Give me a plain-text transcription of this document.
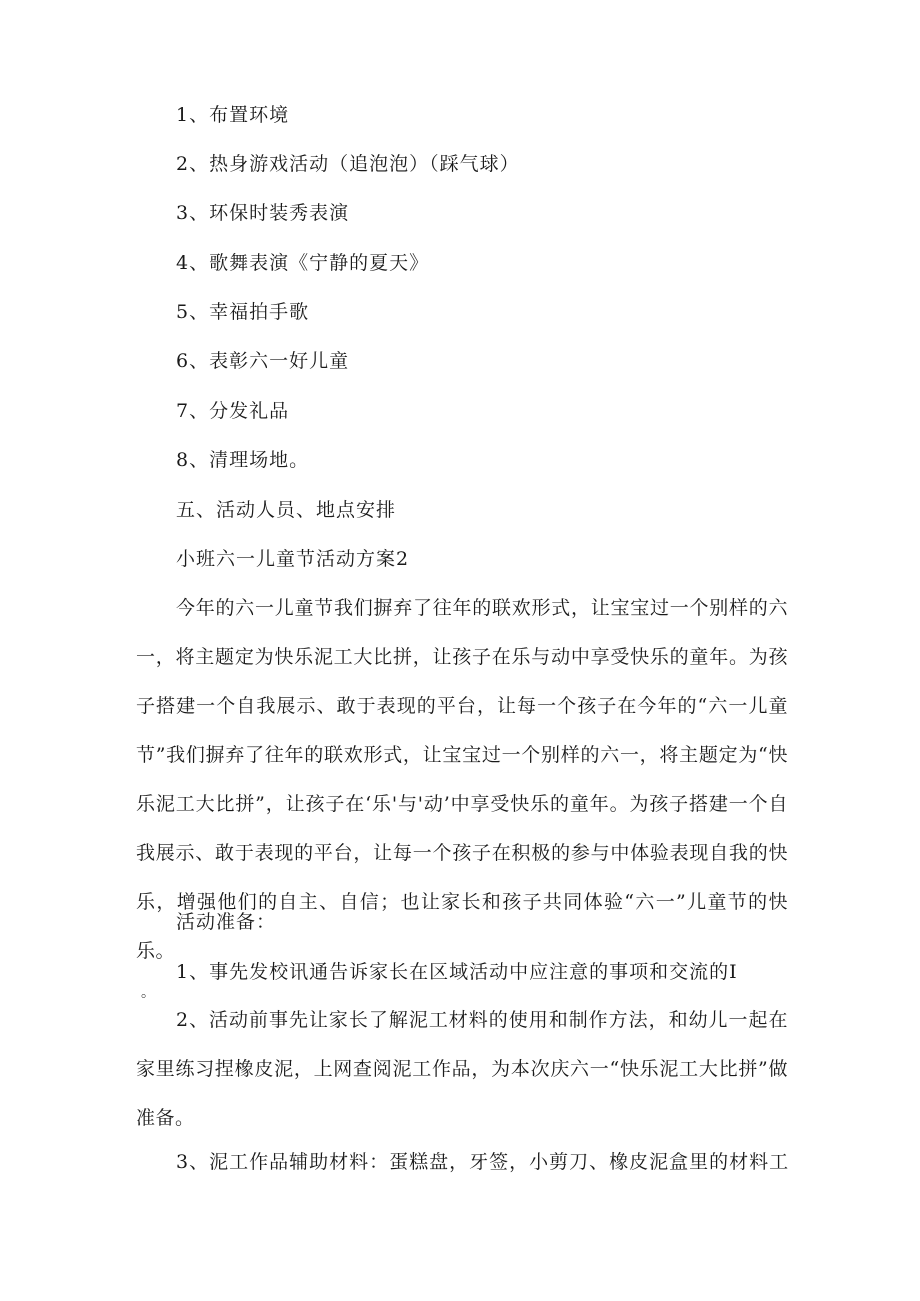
1、布置环境
2、热身游戏活动（追泡泡）（踩气球）
3、环保时装秀表演
4、歌舞表演《宁静的夏天》
5、幸福拍手歌
6、表彰六一好儿童
7、分发礼品
8、清理场地。
五、活动人员、地点安排
小班六一儿童节活动方案2
今年的六一儿童节我们摒弃了往年的联欢形式，让宝宝过一个别样的六一，将主题定为快乐泥工大比拼，让孩子在乐与动中享受快乐的童年。为孩子搭建一个自我展示、敢于表现的平台，让每一个孩子在今年的“六一儿童节”我们摒弃了往年的联欢形式，让宝宝过一个别样的六一，将主题定为“快乐泥工大比拼”，让孩子在‘乐'与'动’中享受快乐的童年。为孩子搭建一个自我展示、敢于表现的平台，让每一个孩子在积极的参与中体验表现自我的快乐，增强他们的自主、自信；也让家长和孩子共同体验“六一”儿童节的快乐。
活动准备：
1、事先发校讯通告诉家长在区域活动中应注意的事项和交流的I
。
2、活动前事先让家长了解泥工材料的使用和制作方法，和幼儿一起在家里练习捏橡皮泥，上网查阅泥工作品，为本次庆六一“快乐泥工大比拼”做准备。
3、泥工作品辅助材料：蛋糕盘，牙签，小剪刀、橡皮泥盒里的材料工
